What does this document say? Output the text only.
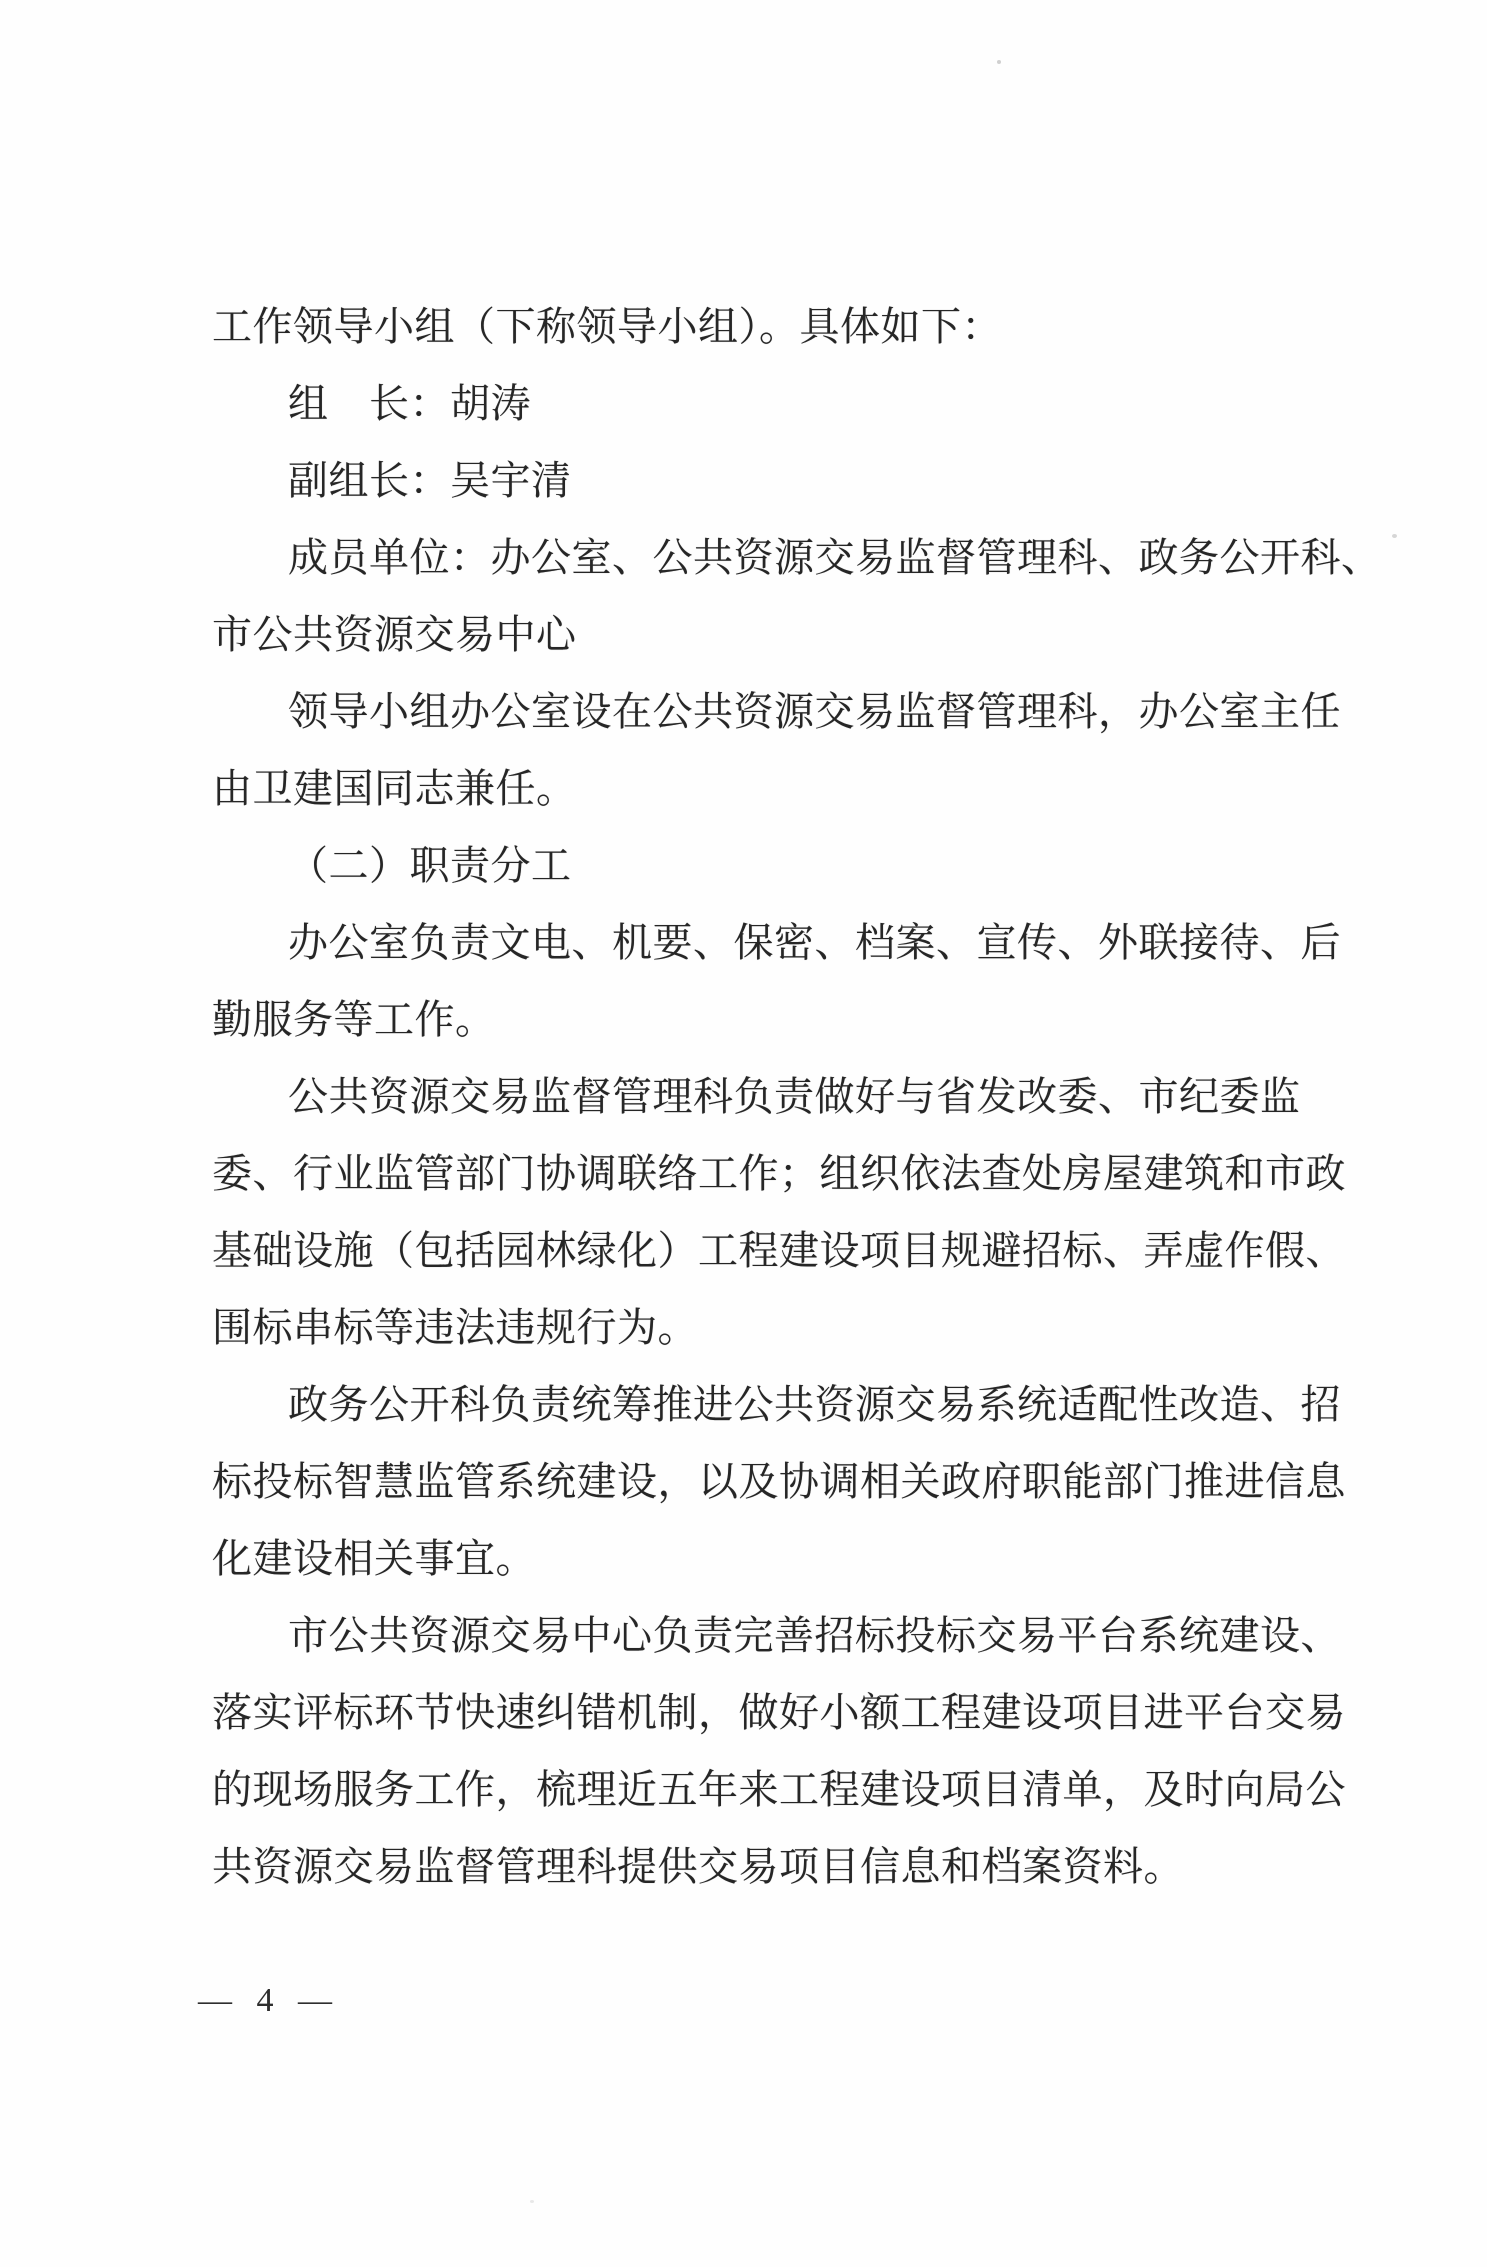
工作领导小组（下称领导小组）。具体如下：
组　长：胡涛
副组长：吴宇清
成员单位：办公室、公共资源交易监督管理科、政务公开科、
市公共资源交易中心
领导小组办公室设在公共资源交易监督管理科，办公室主任
由卫建国同志兼任。
（二）职责分工
办公室负责文电、机要、保密、档案、宣传、外联接待、后
勤服务等工作。
公共资源交易监督管理科负责做好与省发改委、市纪委监
委、行业监管部门协调联络工作；组织依法查处房屋建筑和市政
基础设施（包括园林绿化）工程建设项目规避招标、弄虚作假、
围标串标等违法违规行为。
政务公开科负责统筹推进公共资源交易系统适配性改造、招
标投标智慧监管系统建设，以及协调相关政府职能部门推进信息
化建设相关事宜。
市公共资源交易中心负责完善招标投标交易平台系统建设、
落实评标环节快速纠错机制，做好小额工程建设项目进平台交易
的现场服务工作，梳理近五年来工程建设项目清单，及时向局公
共资源交易监督管理科提供交易项目信息和档案资料。
— 4 —
